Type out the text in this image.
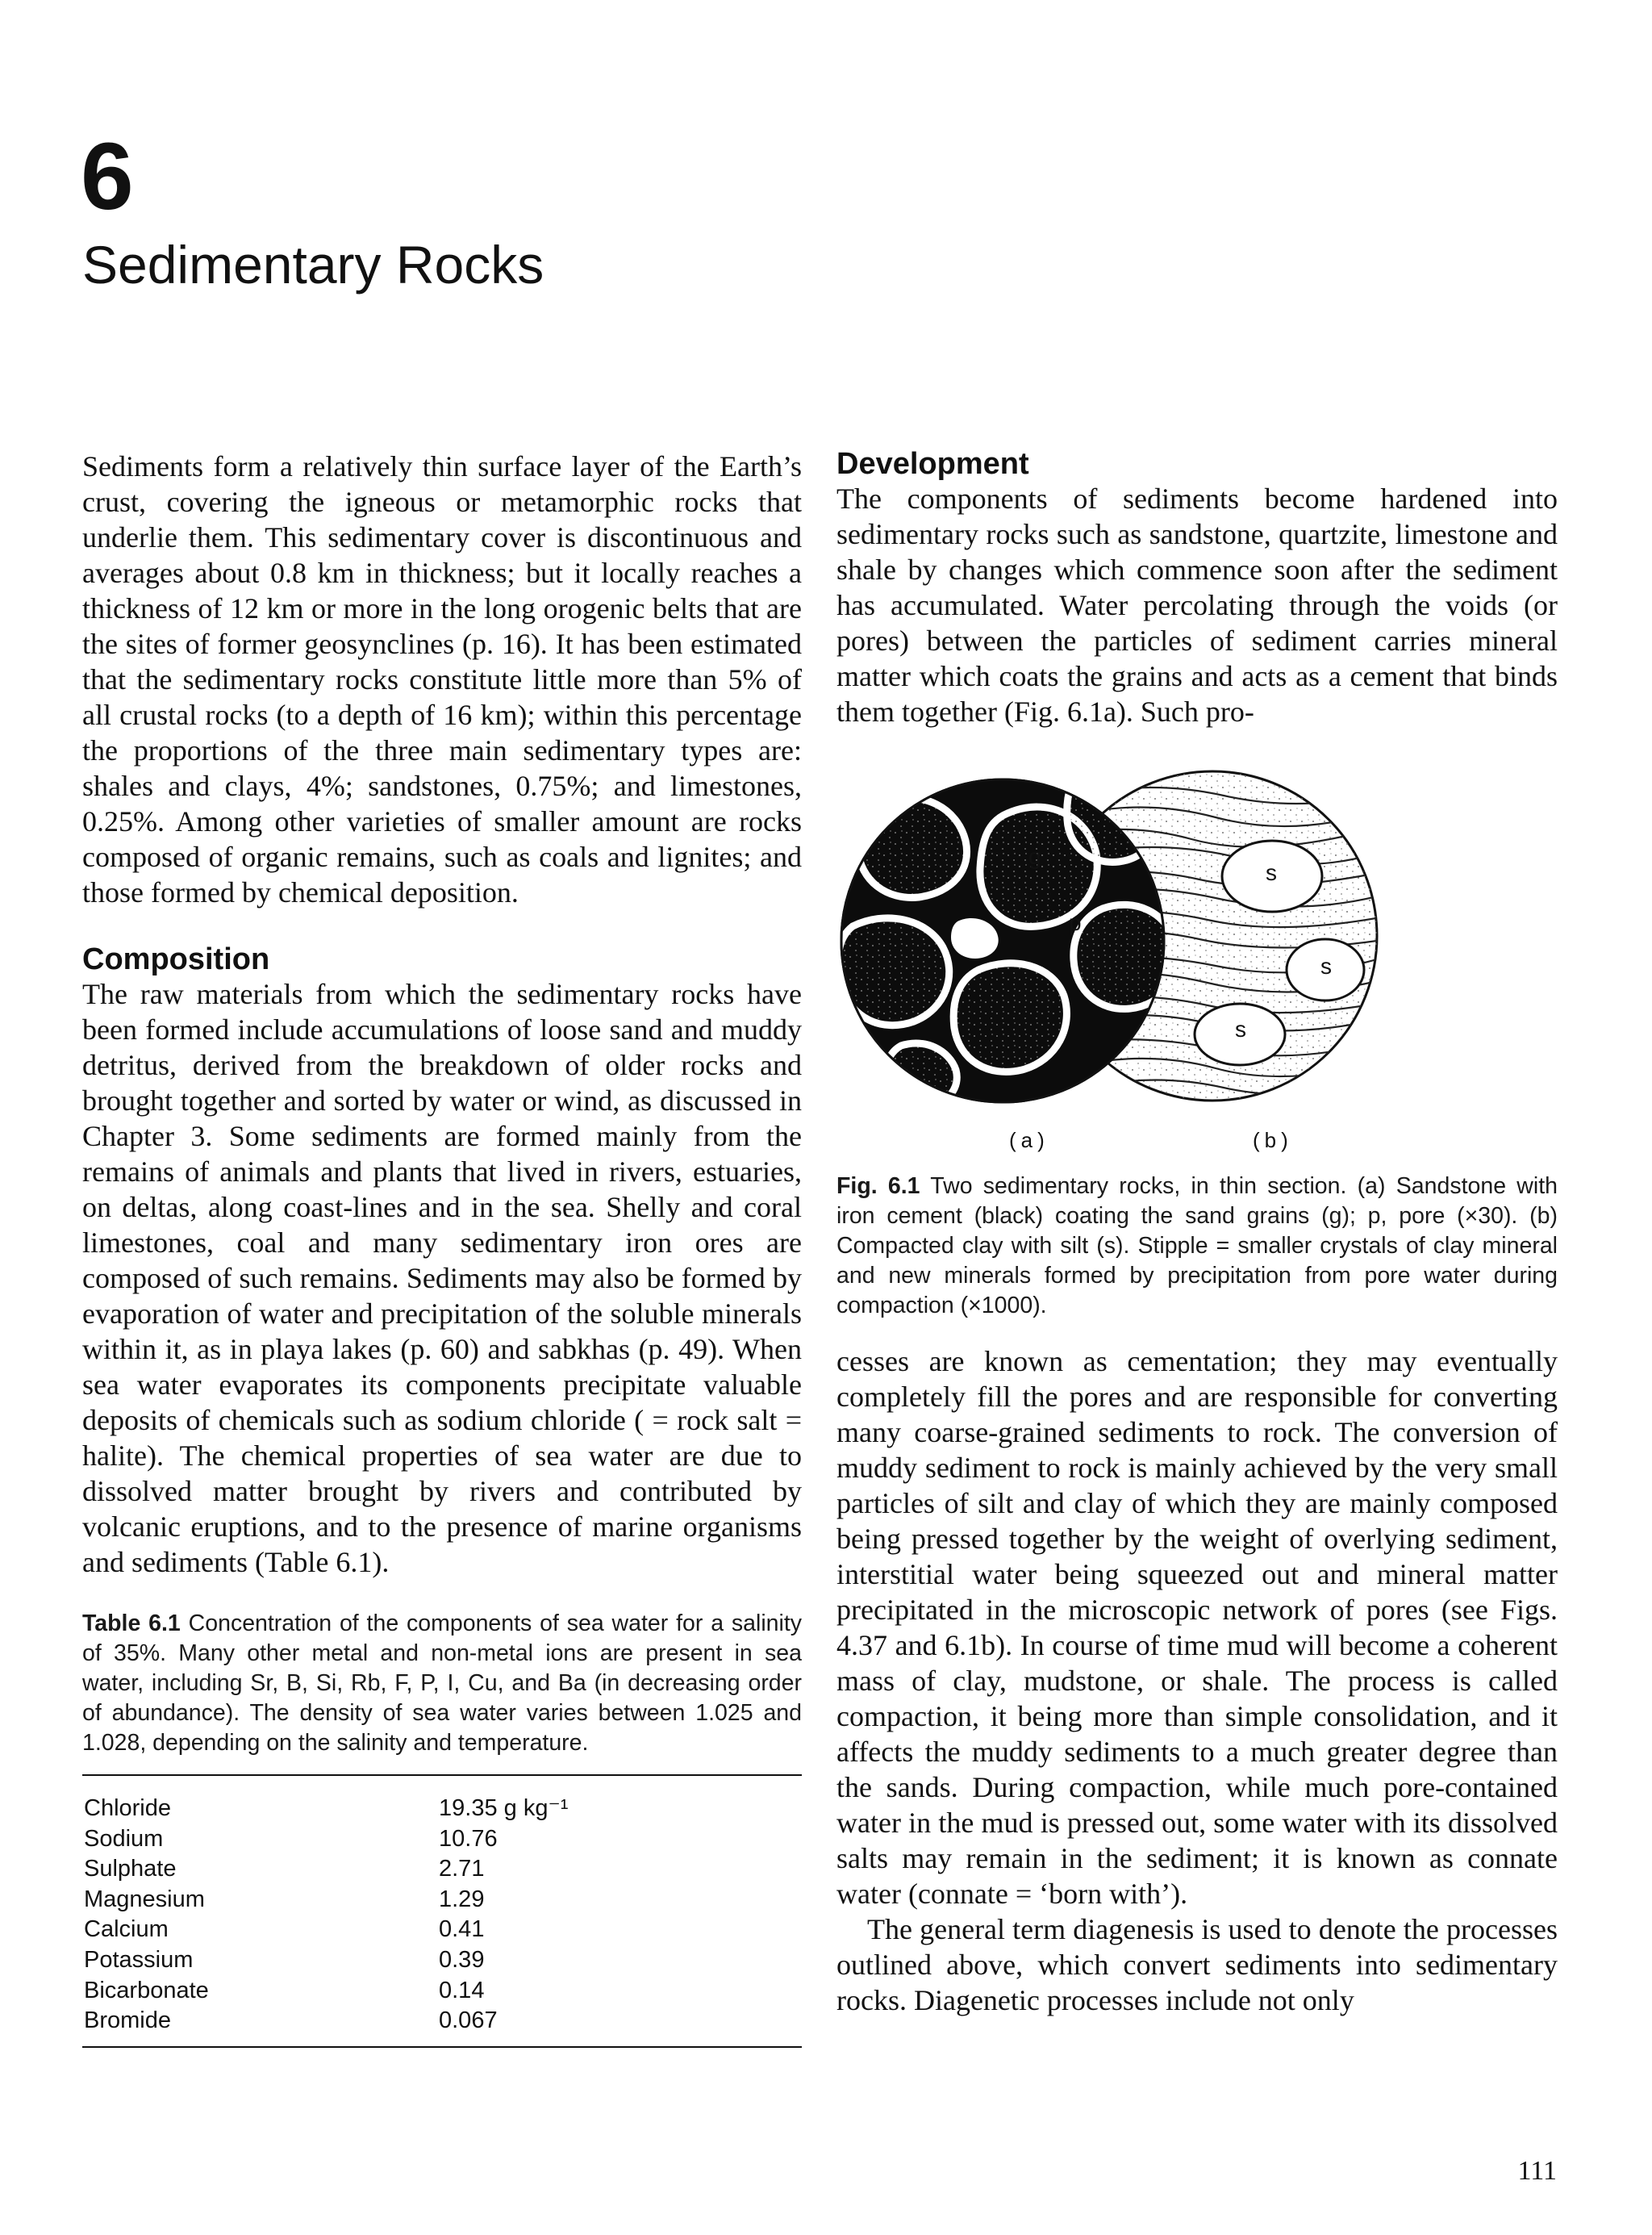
6
Sedimentary Rocks

Sediments form a relatively thin surface layer of the Earth’s crust, covering the igneous or metamorphic rocks that underlie them. This sedimentary cover is discontinuous and averages about 0.8 km in thickness; but it locally reaches a thickness of 12 km or more in the long orogenic belts that are the sites of former geosynclines (p. 16). It has been estimated that the sedimentary rocks constitute little more than 5% of all crustal rocks (to a depth of 16 km); within this percentage the proportions of the three main sedimentary types are: shales and clays, 4%; sandstones, 0.75%; and limestones, 0.25%. Among other varieties of smaller amount are rocks composed of organic remains, such as coals and lignites; and those formed by chemical deposition.

Composition

The raw materials from which the sedimentary rocks have been formed include accumulations of loose sand and muddy detritus, derived from the breakdown of older rocks and brought together and sorted by water or wind, as discussed in Chapter 3. Some sediments are formed mainly from the remains of animals and plants that lived in rivers, estuaries, on deltas, along coast-lines and in the sea. Shelly and coral limestones, coal and many sedimentary iron ores are composed of such remains. Sediments may also be formed by evaporation of water and precipitation of the soluble minerals within it, as in playa lakes (p. 60) and sabkhas (p. 49). When sea water evaporates its components precipitate valuable deposits of chemicals such as sodium chloride ( = rock salt = halite). The chemical properties of sea water are due to dissolved matter brought by rivers and contributed by volcanic eruptions, and to the presence of marine organisms and sediments (Table 6.1).

Table 6.1 Concentration of the components of sea water for a salinity of 35%. Many other metal and non-metal ions are present in sea water, including Sr, B, Si, Rb, F, P, I, Cu, and Ba (in decreasing order of abundance). The density of sea water varies between 1.025 and 1.028, depending on the salinity and temperature.

Chloride	19.35 g kg⁻¹
Sodium	10.76
Sulphate	2.71
Magnesium	1.29
Calcium	0.41
Potassium	0.39
Bicarbonate	0.14
Bromide	0.067
Development

The components of sediments become hardened into sedimentary rocks such as sandstone, quartzite, limestone and shale by changes which commence soon after the sediment has accumulated. Water percolating through the voids (or pores) between the particles of sediment carries mineral matter which coats the grains and acts as a cement that binds them together (Fig. 6.1a). Such pro-

g
p
s
s
s
(a)	(b)

Fig. 6.1 Two sedimentary rocks, in thin section. (a) Sandstone with iron cement (black) coating the sand grains (g); p, pore (×30). (b) Compacted clay with silt (s). Stipple = smaller crystals of clay mineral and new minerals formed by precipitation from pore water during compaction (×1000).

cesses are known as cementation; they may eventually completely fill the pores and are responsible for converting many coarse-grained sediments to rock. The conversion of muddy sediment to rock is mainly achieved by the very small particles of silt and clay of which they are mainly composed being pressed together by the weight of overlying sediment, interstitial water being squeezed out and mineral matter precipitated in the microscopic network of pores (see Figs. 4.37 and 6.1b). In course of time mud will become a coherent mass of clay, mudstone, or shale. The process is called compaction, it being more than simple consolidation, and it affects the muddy sediments to a much greater degree than the sands. During compaction, while much pore-contained water in the mud is pressed out, some water with its dissolved salts may remain in the sediment; it is known as connate water (connate = ‘born with’).

The general term diagenesis is used to denote the processes outlined above, which convert sediments into sedimentary rocks. Diagenetic processes include not only

111
